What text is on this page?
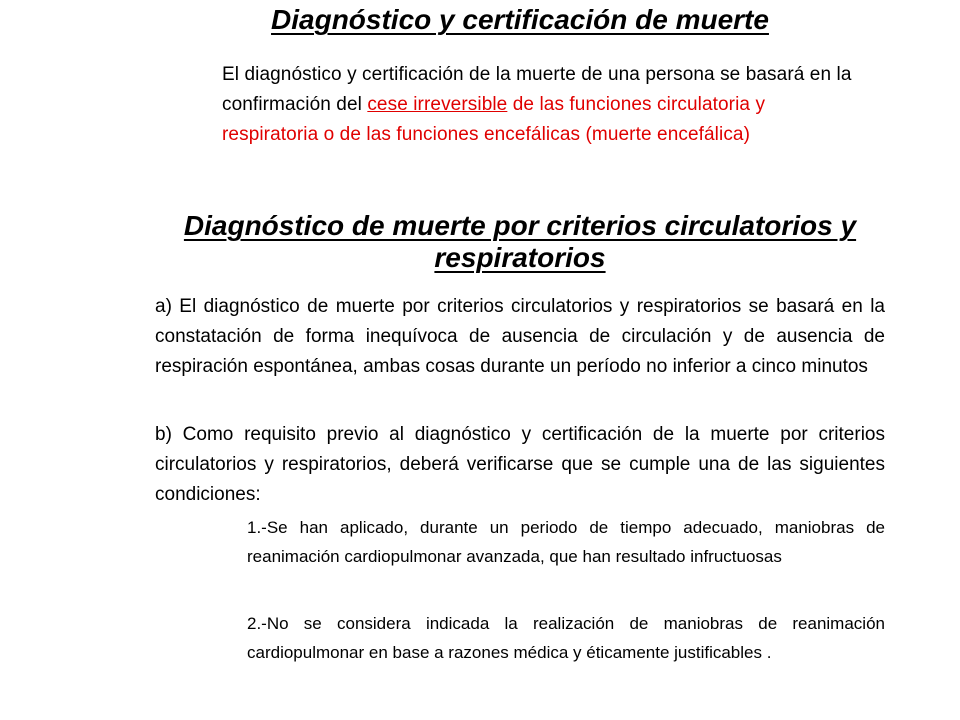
Diagnóstico y certificación de muerte

El diagnóstico y certificación de la muerte de una persona se basará en la confirmación del cese irreversible de las funciones circulatoria y respiratoria o de las funciones encefálicas (muerte encefálica)

Diagnóstico de muerte por criterios circulatorios y respiratorios

a) El diagnóstico de muerte por criterios circulatorios y respiratorios se basará en la constatación de forma inequívoca de ausencia de circulación y de ausencia de respiración espontánea, ambas cosas durante un período no inferior a cinco minutos

b) Como requisito previo al diagnóstico y certificación de la muerte por criterios circulatorios y respiratorios, deberá verificarse que se cumple una de las siguientes condiciones:

1.-Se han aplicado, durante un periodo de tiempo adecuado, maniobras de reanimación cardiopulmonar avanzada, que han resultado infructuosas

2.-No se considera indicada la realización de maniobras de reanimación cardiopulmonar en base a razones médica y éticamente justificables .
